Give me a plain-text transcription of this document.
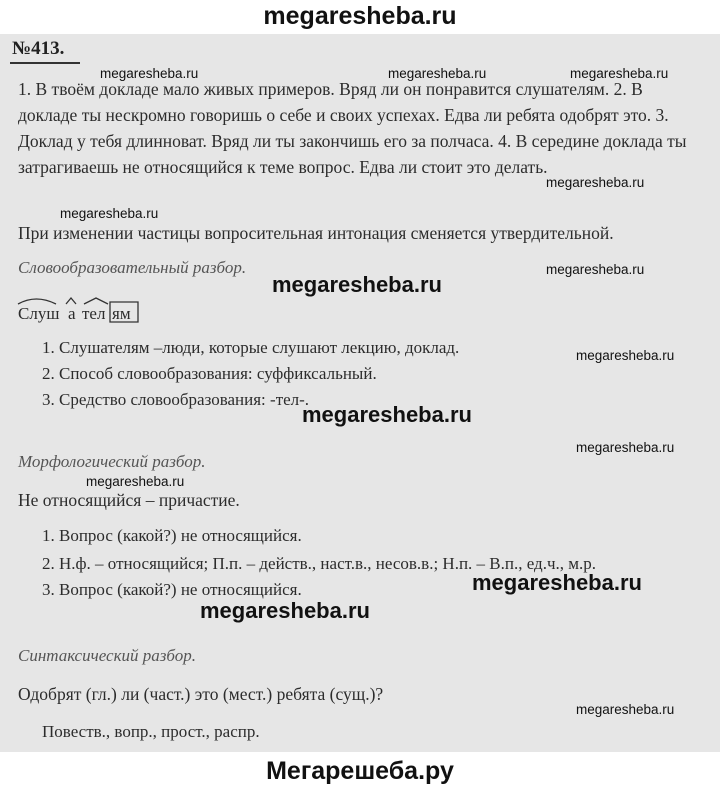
megaresheba.ru
№413.
1. В твоём докладе мало живых примеров. Вряд ли он понравится слушателям. 2. В докладе ты нескромно говоришь о себе и своих успехах. Едва ли ребята одобрят это. 3. Доклад у тебя длинноват. Вряд ли ты закончишь его за полчаса. 4. В середине доклада ты затрагиваешь не относящийся к теме вопрос. Едва ли стоит это делать.
При изменении частицы вопросительная интонация сменяется утвердительной.
Словообразовательный разбор.
Слуш а тел ям
1. Слушателям –люди, которые слушают лекцию, доклад.
2. Способ словообразования: суффиксальный.
3. Средство словообразования: -тел-.
Морфологический разбор.
Не относящийся – причастие.
1. Вопрос (какой?) не относящийся.
2. Н.ф. – относящийся; П.п. – действ., наст.в., несов.в.; Н.п. – В.п., ед.ч., м.р.
3. Вопрос (какой?) не относящийся.
Синтаксический разбор.
Одобрят (гл.) ли (част.) это (мест.) ребята (сущ.)?
Повеств., вопр., прост., распр.
megaresheba.ru	megaresheba.ru	megaresheba.ru
megaresheba.ru
megaresheba.ru
megaresheba.ru
megaresheba.ru
megaresheba.ru
megaresheba.ru
megaresheba.ru
megaresheba.ru
megaresheba.ru
megaresheba.ru
megaresheba.ru
Мегарешеба.ру
